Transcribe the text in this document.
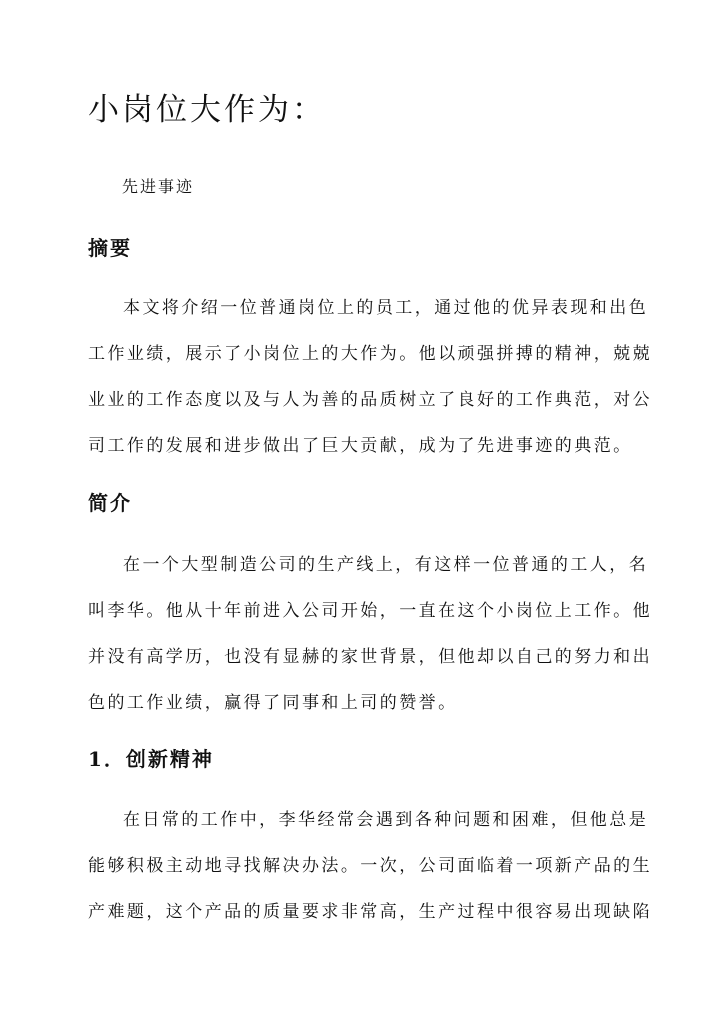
小岗位大作为：

先进事迹

摘要
本文将介绍一位普通岗位上的员工，通过他的优异表现和出色
工作业绩，展示了小岗位上的大作为。他以顽强拼搏的精神，兢兢
业业的工作态度以及与人为善的品质树立了良好的工作典范，对公
司工作的发展和进步做出了巨大贡献，成为了先进事迹的典范。
简介
在一个大型制造公司的生产线上，有这样一位普通的工人，名
叫李华。他从十年前进入公司开始，一直在这个小岗位上工作。他
并没有高学历，也没有显赫的家世背景，但他却以自己的努力和出
色的工作业绩，赢得了同事和上司的赞誉。
1．创新精神
在日常的工作中，李华经常会遇到各种问题和困难，但他总是
能够积极主动地寻找解决办法。一次，公司面临着一项新产品的生
产难题，这个产品的质量要求非常高，生产过程中很容易出现缺陷
